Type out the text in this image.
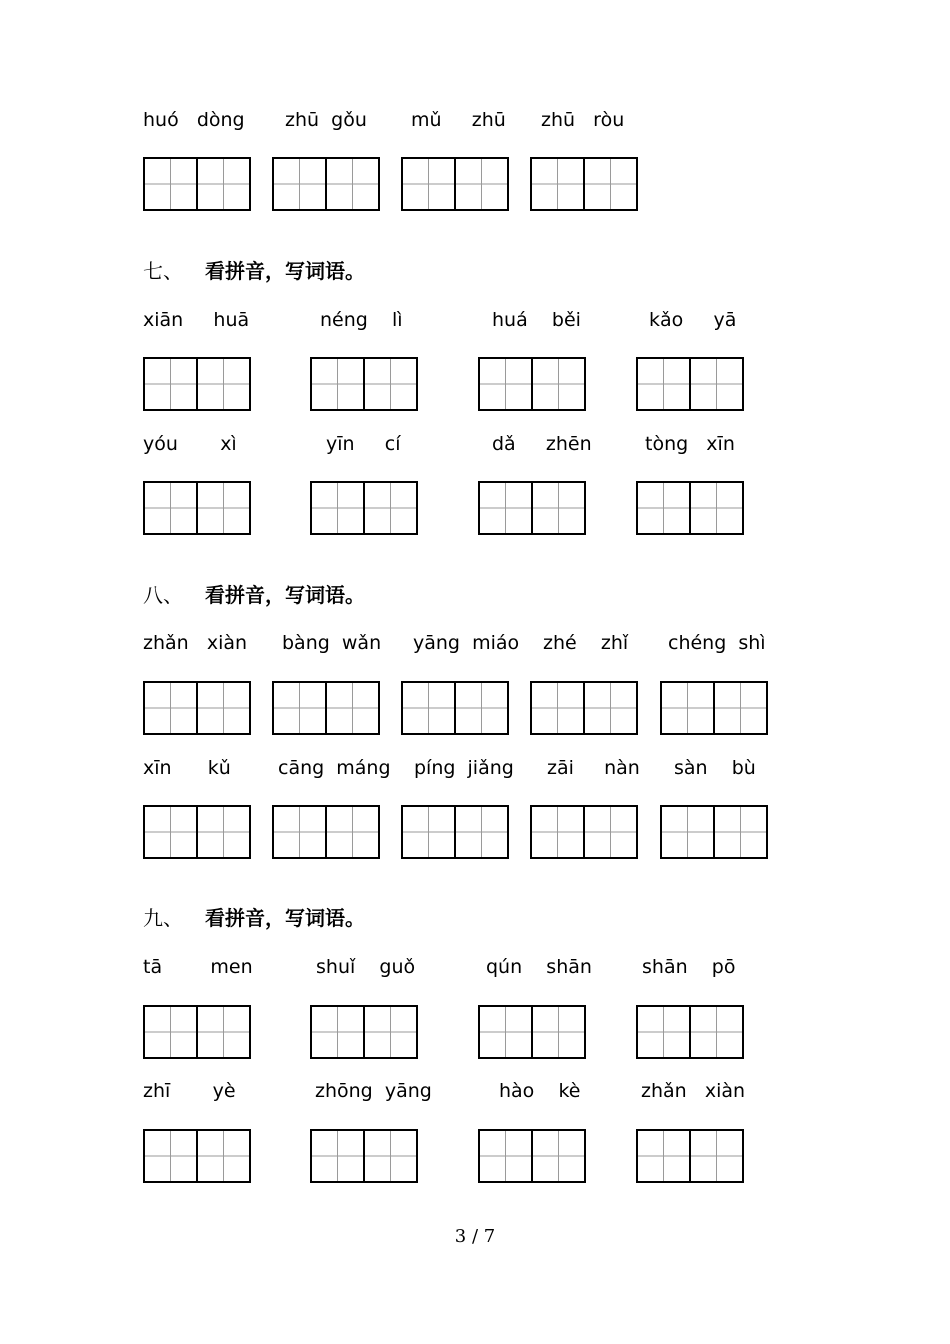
huó   dòng zhū  gǒu mǔ     zhū zhū   ròu
七、 看拼音，写词语。
xiān     huā	néng    lì	huá    běi	kǎo     yā
yóu       xì	yīn     cí	dǎ     zhēn	tòng   xīn
八、 看拼音，写词语。
zhǎn   xiàn bàng  wǎn yāng  miáo zhé    zhǐ chéng  shì
xīn      kǔ cāng  máng píng  jiǎng zāi     nàn sàn    bù
九、 看拼音，写词语。
tā        men	shuǐ    guǒ	qún    shān	shān    pō
zhī       yè	zhōng  yāng	hào    kè	zhǎn   xiàn
3 / 7
